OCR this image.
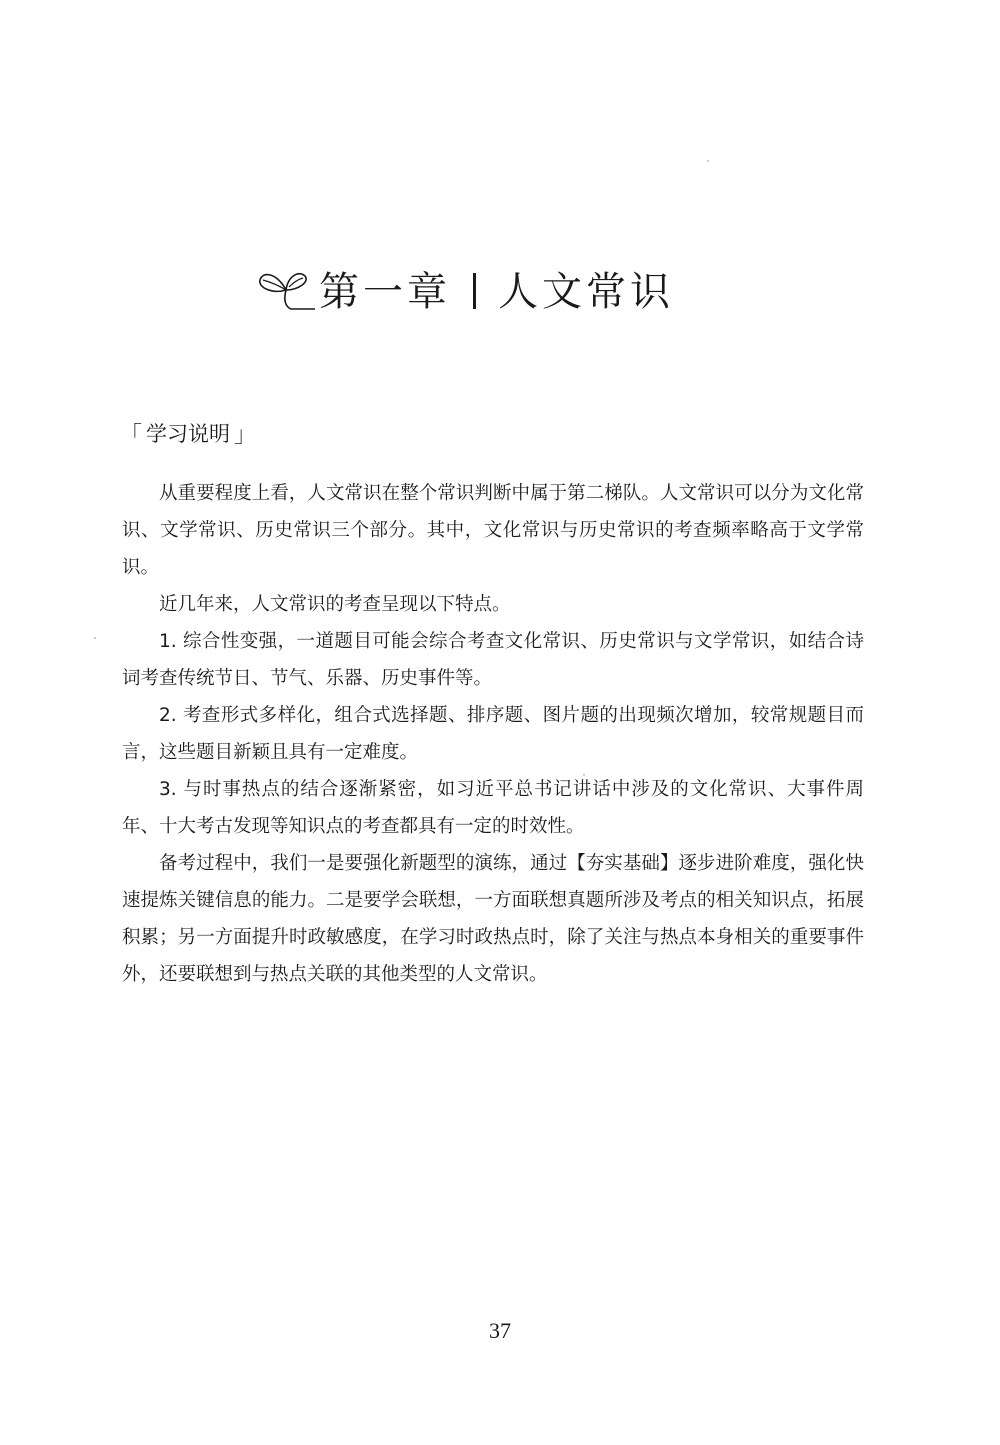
第一章 人文常识
「 学习说明 」

从重要程度上看，人文常识在整个常识判断中属于第二梯队。人文常识可以分为文化常识、文学常识、历史常识三个部分。其中，文化常识与历史常识的考查频率略高于文学常识。

近几年来，人文常识的考查呈现以下特点。

1. 综合性变强，一道题目可能会综合考查文化常识、历史常识与文学常识，如结合诗词考查传统节日、节气、乐器、历史事件等。

2. 考查形式多样化，组合式选择题、排序题、图片题的出现频次增加，较常规题目而言，这些题目新颖且具有一定难度。

3. 与时事热点的结合逐渐紧密，如习近平总书记讲话中涉及的文化常识、大事件周年、十大考古发现等知识点的考查都具有一定的时效性。

备考过程中，我们一是要强化新题型的演练，通过【夯实基础】逐步进阶难度，强化快速提炼关键信息的能力。二是要学会联想，一方面联想真题所涉及考点的相关知识点，拓展积累；另一方面提升时政敏感度，在学习时政热点时，除了关注与热点本身相关的重要事件外，还要联想到与热点关联的其他类型的人文常识。

37
